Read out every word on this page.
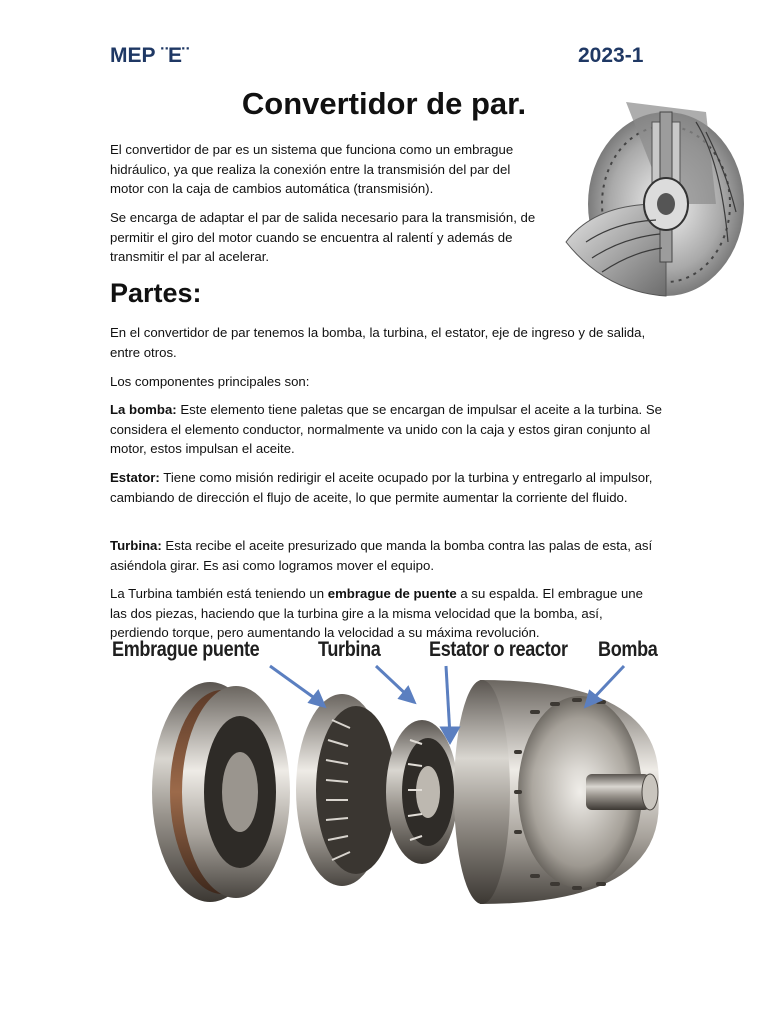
MEP ¨E¨	2023-1
Convertidor de par.

El convertidor de par es un sistema que funciona como un embrague hidráulico, ya que realiza la conexión entre la transmisión del par del motor con la caja de cambios automática (transmisión).

Se encarga de adaptar el par de salida necesario para la transmisión, de permitir el giro del motor cuando se encuentra al ralentí y además de transmitir el par al acelerar.

Partes:

En el convertidor de par tenemos la bomba, la turbina, el estator, eje de ingreso y de salida, entre otros.

Los componentes principales son:

La bomba: Este elemento tiene paletas que se encargan de impulsar el aceite a la turbina. Se considera el elemento conductor, normalmente va unido con la caja y estos giran conjunto al motor, estos impulsan el aceite.

Estator: Tiene como misión redirigir el aceite ocupado por la turbina y entregarlo al impulsor, cambiando de dirección el flujo de aceite, lo que permite aumentar la corriente del fluido.

Turbina: Esta recibe el aceite presurizado que manda la bomba contra las palas de esta, así asiéndola girar. Es asi como logramos mover el equipo.

La Turbina también está teniendo un embrague de puente a su espalda. El embrague une las dos piezas, haciendo que la turbina gire a la misma velocidad que la bomba, así, perdiendo torque, pero aumentando la velocidad a su máxima revolución.

Embrague puente	Turbina Estator o reactor Bomba
